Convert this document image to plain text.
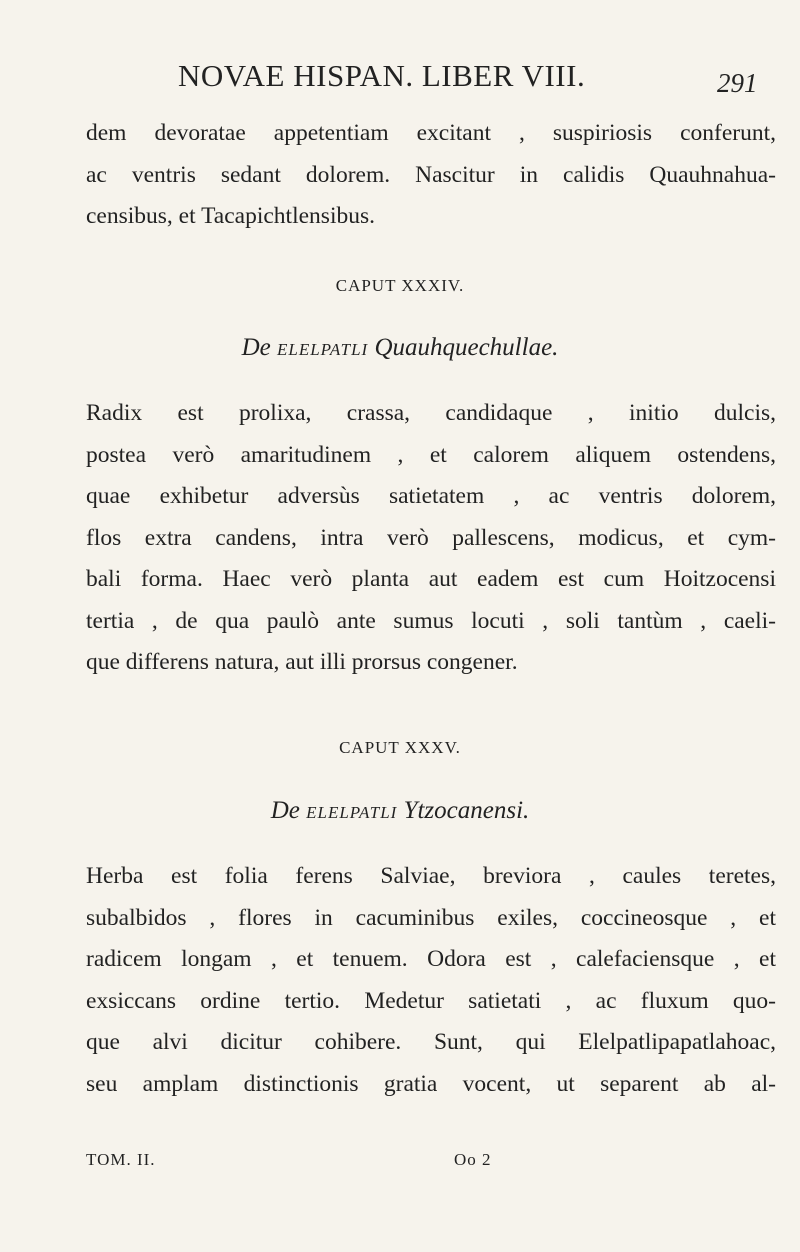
NOVAE HISPAN. LIBER VIII.	291
dem devoratae appetentiam excitant , suspiriosis conferunt,
ac ventris sedant dolorem. Nascitur in calidis Quauhnahua-
censibus, et Tacapichtlensibus.
CAPUT XXXIV.
De ELELPATLI Quauhquechullae.
Radix est prolixa, crassa, candidaque , initio dulcis,
postea verò amaritudinem , et calorem aliquem ostendens,
quae exhibetur adversùs satietatem , ac ventris dolorem,
flos extra candens, intra verò pallescens, modicus, et cym-
bali forma. Haec verò planta aut eadem est cum Hoitzocensi
tertia , de qua paulò ante sumus locuti , soli tantùm , caeli-
que differens natura, aut illi prorsus congener.
CAPUT XXXV.
De ELELPATLI Ytzocanensi.
Herba est folia ferens Salviae, breviora , caules teretes,
subalbidos , flores in cacuminibus exiles, coccineosque , et
radicem longam , et tenuem. Odora est , calefaciensque , et
exsiccans ordine tertio. Medetur satietati , ac fluxum quo-
que alvi dicitur cohibere. Sunt, qui Elelpatlipapatlahoac,
seu amplam distinctionis gratia vocent, ut separent ab al-
TOM. II.	Oo 2
